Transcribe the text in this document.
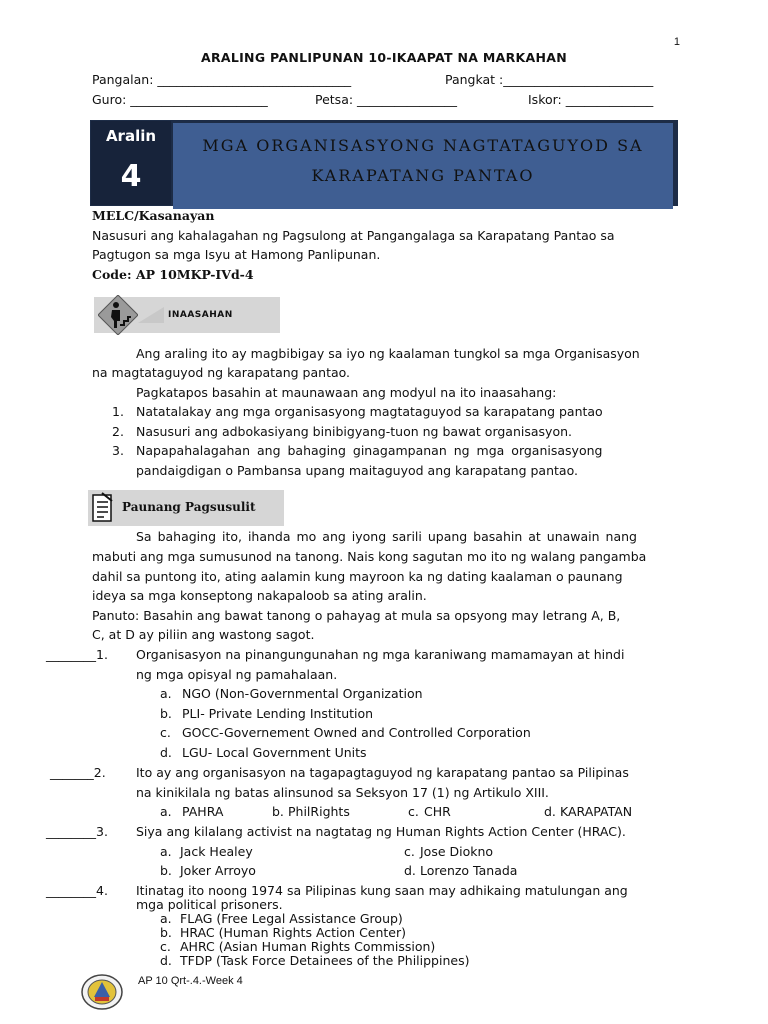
1
ARALING PANLIPUNAN 10-IKAAPAT NA MARKAHAN
Pangalan: _______________________________	Pangkat :________________________
Guro: ______________________	Petsa: ________________	Iskor: ______________
Aralin
4
MGA ORGANISASYONG NAGTATAGUYOD SA
KARAPATANG PANTAO
MELC/Kasanayan
Nasusuri ang kahalagahan ng Pagsulong at Pangangalaga sa Karapatang Pantao sa
Pagtugon sa mga Isyu at Hamong Panlipunan.
Code: AP 10MKP-IVd-4
INAASAHAN
Ang araling ito ay magbibigay sa iyo ng kaalaman tungkol sa mga Organisasyon
na magtataguyod ng karapatang pantao.
Pagkatapos basahin at maunawaan ang modyul na ito inaasahang:
1. Natatalakay ang mga organisasyong magtataguyod sa karapatang pantao
2. Nasusuri ang adbokasiyang binibigyang-tuon ng bawat organisasyon.
3. Napapahalagahan ang bahaging ginagampanan ng mga organisasyong
pandaigdigan o Pambansa upang maitaguyod ang karapatang pantao.
Paunang Pagsusulit
Sa bahaging ito, ihanda mo ang iyong sarili upang basahin at unawain nang
mabuti ang mga sumusunod na tanong. Nais kong sagutan mo ito ng walang pangamba
dahil sa puntong ito, ating aalamin kung mayroon ka ng dating kaalaman o paunang
ideya sa mga konseptong nakapaloob sa ating aralin.
Panuto: Basahin ang bawat tanong o pahayag at mula sa opsyong may letrang A, B,
C, at D ay piliin ang wastong sagot.
________1. Organisasyon na pinangungunahan ng mga karaniwang mamamayan at hindi
ng mga opisyal ng pamahalaan.
a. NGO (Non-Governmental Organization
b. PLI- Private Lending Institution
c. GOCC-Governement Owned and Controlled Corporation
d. LGU- Local Government Units
_______2. Ito ay ang organisasyon na tagapagtaguyod ng karapatang pantao sa Pilipinas
na kinikilala ng batas alinsunod sa Seksyon 17 (1) ng Artikulo XIII.
a. PAHRA	b. PhilRights	c. CHR	d. KARAPATAN
________3. Siya ang kilalang activist na nagtatag ng Human Rights Action Center (HRAC).
a. Jack Healey	c. Jose Diokno
b. Joker Arroyo	d. Lorenzo Tanada
________4. Itinatag ito noong 1974 sa Pilipinas kung saan may adhikaing matulungan ang
mga political prisoners.
a. FLAG (Free Legal Assistance Group)
b. HRAC (Human Rights Action Center)
c. AHRC (Asian Human Rights Commission)
d. TFDP (Task Force Detainees of the Philippines)
AP 10 Qrt-.4.-Week 4
